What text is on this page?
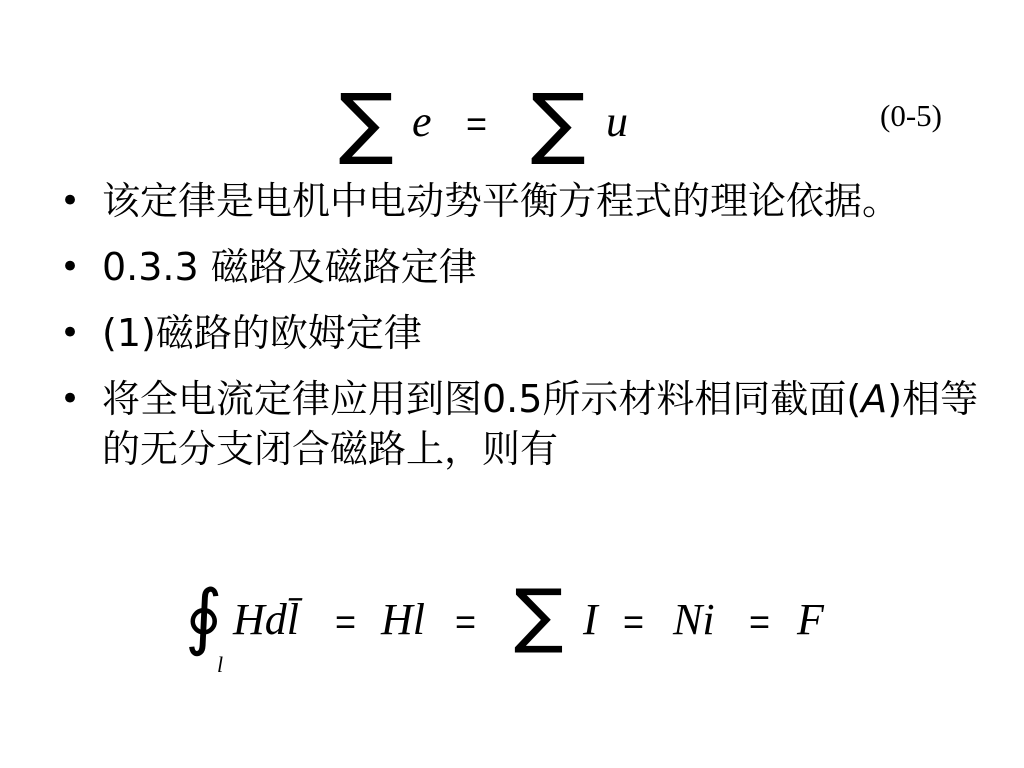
∑ e = ∑ u	(0-5)
• 该定律是电机中电动势平衡方程式的理论依据。
• 0.3.3 磁路及磁路定律
• (1)磁路的欧姆定律
• 将全电流定律应用到图0.5所示材料相同截面(A)相等的无分支闭合磁路上，则有
∮
l
Hdl̄ = Hl = ∑ I = Ni = F
